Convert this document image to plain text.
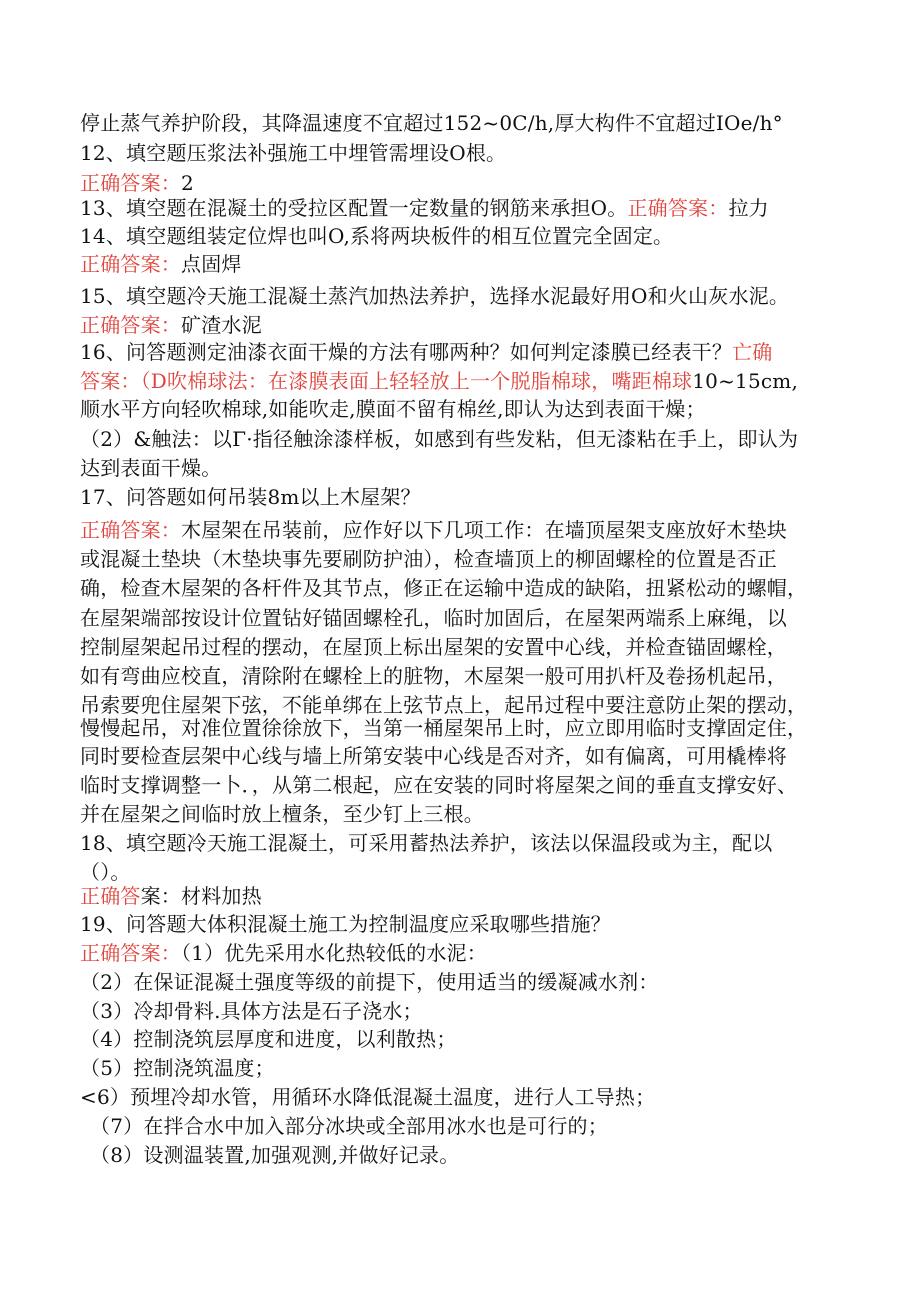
停止蒸气养护阶段，其降温速度不宜超过152~0C/h,厚大构件不宜超过IOe/h°
12、填空题压浆法补强施工中埋管需埋设O根。
正确答案：2
13、填空题在混凝土的受拉区配置一定数量的钢筋来承担O。正确答案：拉力
14、填空题组装定位焊也叫O,系将两块板件的相互位置完全固定。
正确答案：点固焊
15、填空题冷天施工混凝土蒸汽加热法养护，选择水泥最好用O和火山灰水泥。
正确答案：矿渣水泥
16、问答题测定油漆衣面干燥的方法有哪两种？如何判定漆膜已经表干？亡确
答案：（D吹棉球法：在漆膜表面上轻轻放上一个脱脂棉球，嘴距棉球10~15cm,
顺水平方向轻吹棉球,如能吹走,膜面不留有棉丝,即认为达到表面干燥；
（2）&触法：以Γ·指径触涂漆样板，如感到有些发粘，但无漆粘在手上，即认为
达到表面干燥。
17、问答题如何吊装8m以上木屋架？
正确答案：木屋架在吊装前，应作好以下几项工作：在墙顶屋架支座放好木垫块
或混凝土垫块（木垫块事先要刷防护油），检查墙顶上的柳固螺栓的位置是否正
确，检查木屋架的各杆件及其节点，修正在运输中造成的缺陷，扭紧松动的螺帽，
在屋架端部按设计位置钻好锚固螺栓孔，临时加固后，在屋架两端系上麻绳，以
控制屋架起吊过程的摆动，在屋顶上标出屋架的安置中心线，并检查锚固螺栓，
如有弯曲应校直，清除附在螺栓上的脏物，木屋架一般可用扒杆及卷扬机起吊，
吊索要兜住屋架下弦，不能单绑在上弦节点上，起吊过程中要注意防止架的摆动，
慢慢起吊，对准位置徐徐放下，当第一桶屋架吊上时，应立即用临时支撑固定住，
同时要检查层架中心线与墙上所第安装中心线是否对齐，如有偏离，可用橇棒将
临时支撑调整一卜．，从第二根起，应在安装的同时将屋架之间的垂直支撑安好、
并在屋架之间临时放上檀条，至少钉上三根。
18、填空题冷天施工混凝土，可采用蓄热法养护，该法以保温段或为主，配以
（）。
正确答案：材料加热
19、问答题大体积混凝土施工为控制温度应采取哪些措施？
正确答案：（1）优先采用水化热较低的水泥：
（2）在保证混凝土强度等级的前提下，使用适当的缓凝减水剂：
（3）冷却骨料.具体方法是石子浇水；
（4）控制浇筑层厚度和进度，以利散热；
（5）控制浇筑温度；
<6）预埋冷却水管，用循环水降低混凝土温度，进行人工导热；
（7）在拌合水中加入部分冰块或全部用冰水也是可行的；
（8）设测温装置,加强观测,并做好记录。
